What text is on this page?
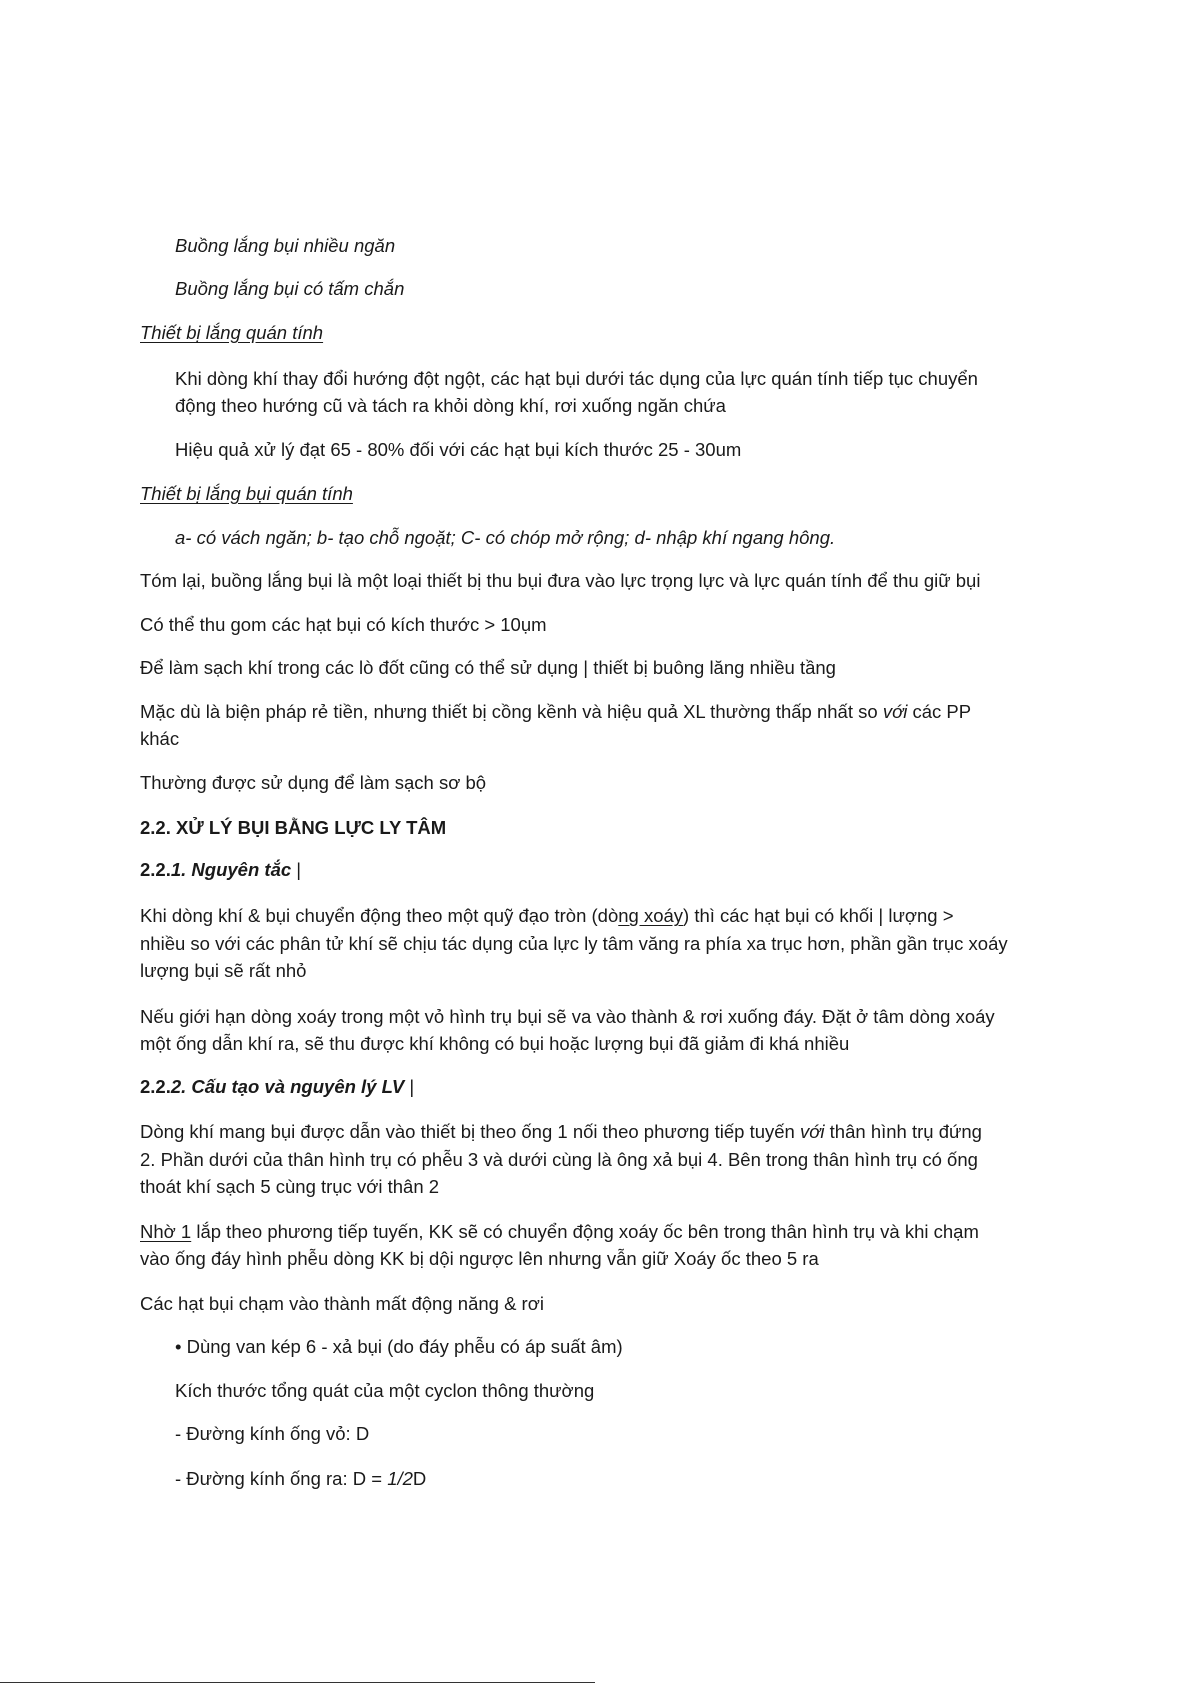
Buồng lắng bụi nhiều ngăn

Buồng lắng bụi có tấm chắn

Thiết bị lắng quán tính

Khi dòng khí thay đổi hướng đột ngột, các hạt bụi dưới tác dụng của lực quán tính tiếp tục chuyển

động theo hướng cũ và tách ra khỏi dòng khí, rơi xuống ngăn chứa

Hiệu quả xử lý đạt 65 - 80% đối với các hạt bụi kích thước 25 - 30um

Thiết bị lắng bụi quán tính

a- có vách ngăn; b- tạo chỗ ngoặt; C- có chóp mở rộng; d- nhập khí ngang hông.

Tóm lại, buồng lắng bụi là một loại thiết bị thu bụi đưa vào lực trọng lực và lực quán tính để thu giữ bụi

Có thể thu gom các hạt bụi có kích thước > 10ụm

Để làm sạch khí trong các lò đốt cũng có thể sử dụng | thiết bị buông lăng nhiều tầng

Mặc dù là biện pháp rẻ tiền, nhưng thiết bị cồng kềnh và hiệu quả XL thường thấp nhất so với các PP

khác

Thường được sử dụng để làm sạch sơ bộ

2.2. XỬ LÝ BỤI BẰNG LỰC LY TÂM

2.2.1. Nguyên tắc |

Khi dòng khí & bụi chuyển động theo một quỹ đạo tròn (dòng xoáy) thì các hạt bụi có khối | lượng >

nhiều so với các phân tử khí sẽ chịu tác dụng của lực ly tâm văng ra phía xa trục hơn, phần gần trục xoáy

lượng bụi sẽ rất nhỏ

Nếu giới hạn dòng xoáy trong một vỏ hình trụ bụi sẽ va vào thành & rơi xuống đáy. Đặt ở tâm dòng xoáy

một ống dẫn khí ra, sẽ thu được khí không có bụi hoặc lượng bụi đã giảm đi khá nhiều

2.2.2. Cấu tạo và nguyên lý LV |

Dòng khí mang bụi được dẫn vào thiết bị theo ống 1 nối theo phương tiếp tuyến với thân hình trụ đứng

2. Phần dưới của thân hình trụ có phễu 3 và dưới cùng là ông xả bụi 4. Bên trong thân hình trụ có ống

thoát khí sạch 5 cùng trục với thân 2

Nhờ 1 lắp theo phương tiếp tuyến, KK sẽ có chuyển động xoáy ốc bên trong thân hình trụ và khi chạm

vào ống đáy hình phễu dòng KK bị dội ngược lên nhưng vẫn giữ Xoáy ốc theo 5 ra

Các hạt bụi chạm vào thành mất động năng & rơi

• Dùng van kép 6 - xả bụi (do đáy phễu có áp suất âm)

Kích thước tổng quát của một cyclon thông thường

- Đường kính ống vỏ: D

- Đường kính ống ra: D = 1/2D
